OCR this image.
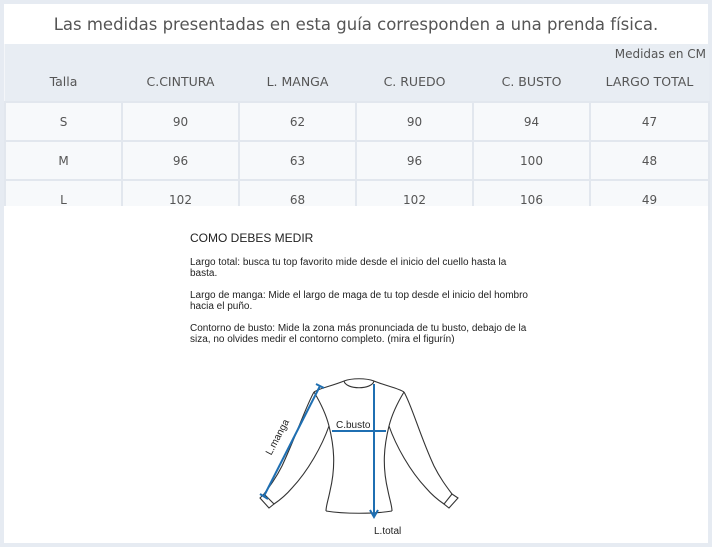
Las medidas presentadas en esta guía corresponden a una prenda física.
Talla	C.CINTURA	L. MANGA	C. RUEDO	C. BUSTO	LARGO TOTAL
S	90	62	90	94	47
M	96	63	96	100	48
L	102	68	102	106	49
Medidas en CM
COMO DEBES MEDIR
Largo total: busca tu top favorito mide desde el inicio del cuello hasta la basta.
Largo de manga: Mide el largo de maga de tu top desde el inicio del hombro hacia el puño.
Contorno de busto: Mide la zona más pronunciada de tu busto, debajo de la siza, no olvides medir el contorno completo. (mira el figurín)
L.manga	C.busto
L.total
